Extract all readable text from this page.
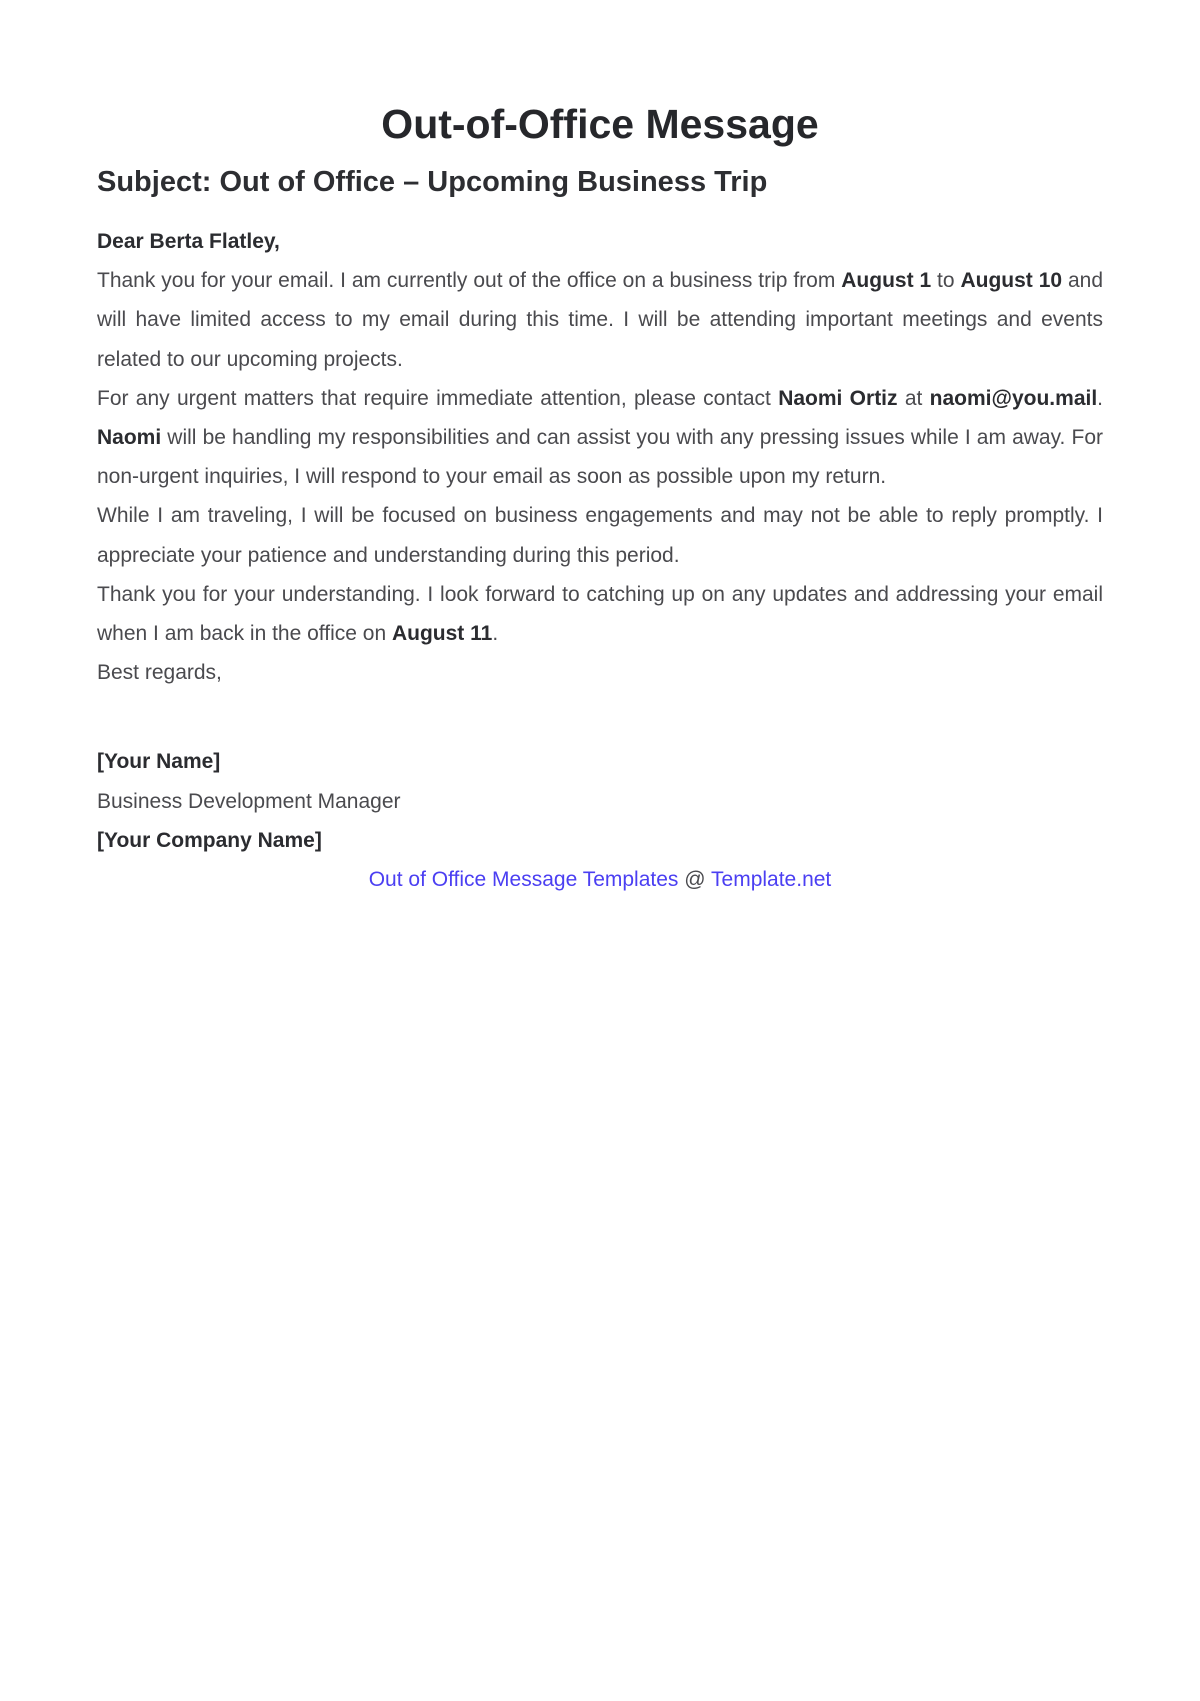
Out-of-Office Message
Subject: Out of Office – Upcoming Business Trip

Dear Berta Flatley,

Thank you for your email. I am currently out of the office on a business trip from August 1 to August 10 and will have limited access to my email during this time. I will be attending important meetings and events related to our upcoming projects.

For any urgent matters that require immediate attention, please contact Naomi Ortiz at naomi@you.mail. Naomi will be handling my responsibilities and can assist you with any pressing issues while I am away. For non-urgent inquiries, I will respond to your email as soon as possible upon my return.

While I am traveling, I will be focused on business engagements and may not be able to reply promptly. I appreciate your patience and understanding during this period.

Thank you for your understanding. I look forward to catching up on any updates and addressing your email when I am back in the office on August 11.

Best regards,

[Your Name]

Business Development Manager

[Your Company Name]

Out of Office Message Templates @ Template.net
